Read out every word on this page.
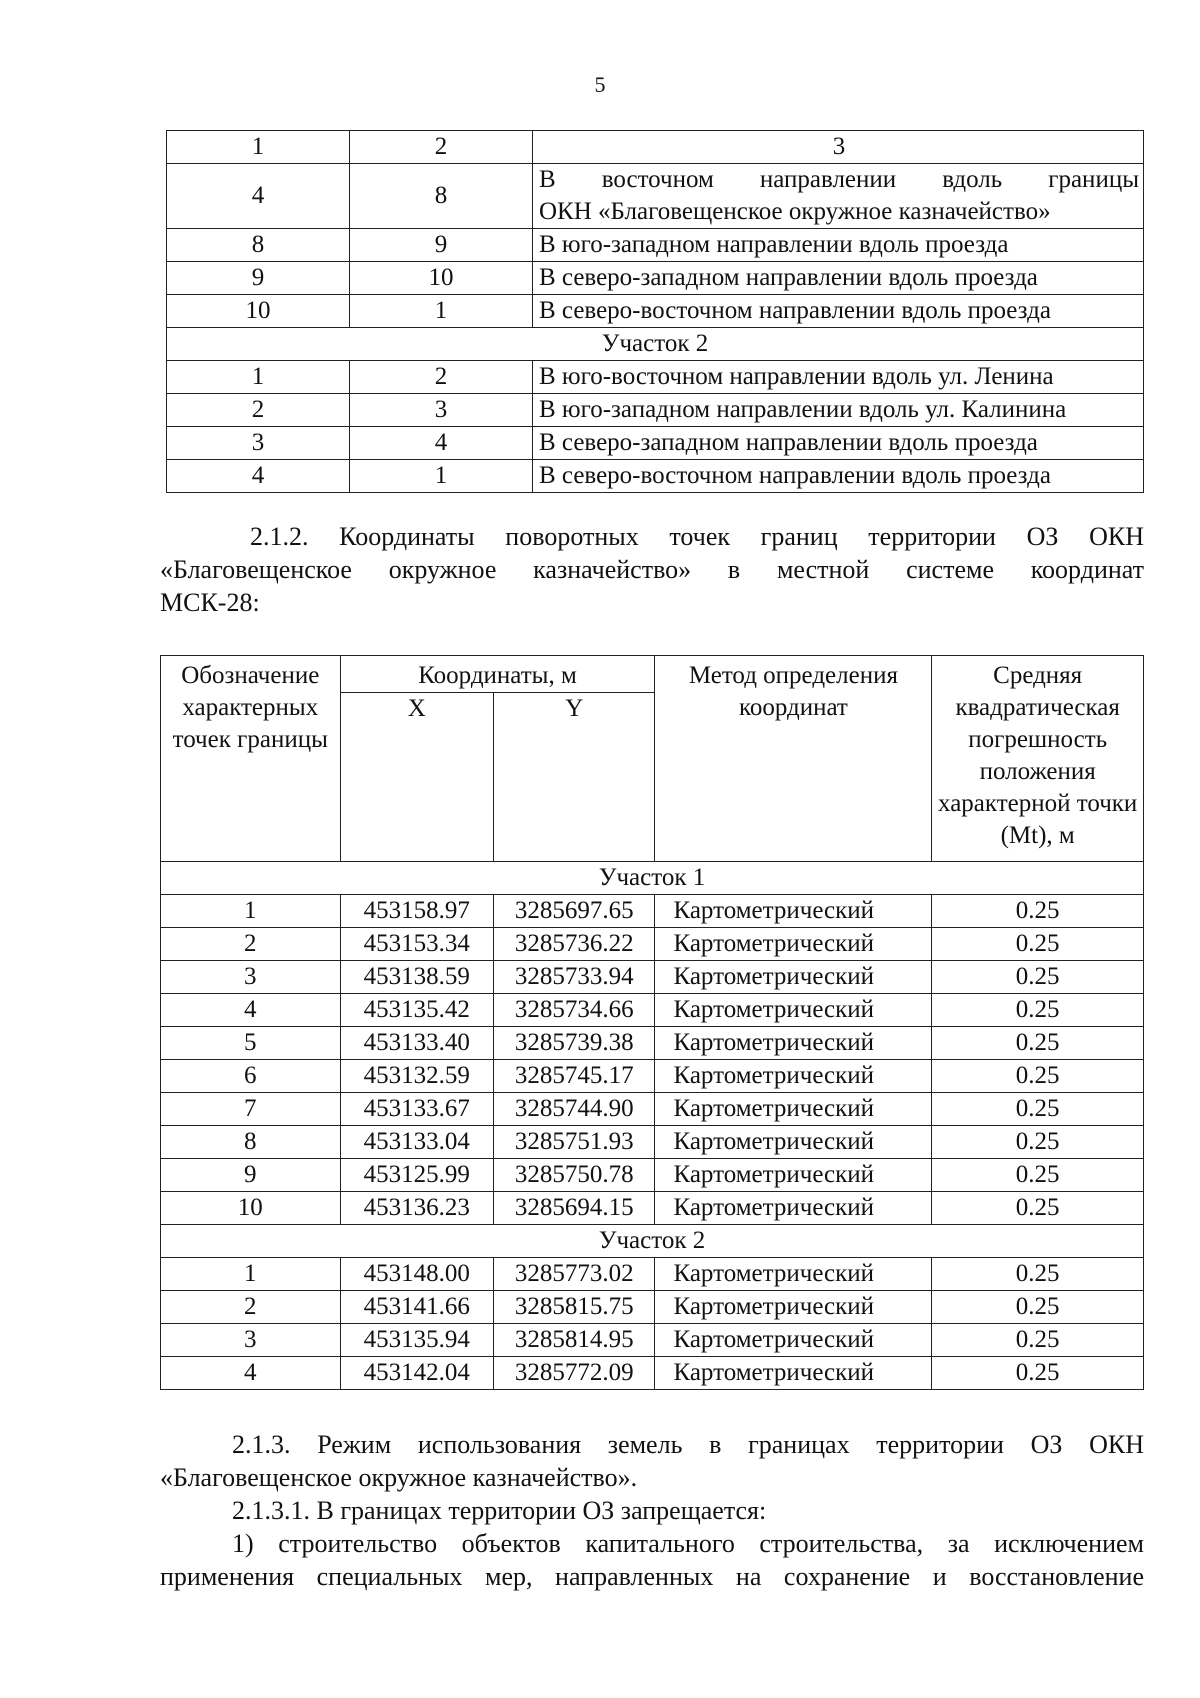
5
1	2	3
4	8	В восточном направлении вдоль границы
ОКН «Благовещенское окружное казначейство»
8	9	В юго-западном направлении вдоль проезда
9	10	В северо-западном направлении вдоль проезда
10	1	В северо-восточном направлении вдоль проезда
Участок 2		
1	2	В юго-восточном направлении вдоль ул. Ленина
2	3	В юго-западном направлении вдоль ул. Калинина
3	4	В северо-западном направлении вдоль проезда
4	1	В северо-восточном направлении вдоль проезда
2.1.2. Координаты поворотных точек границ территории ОЗ ОКН
«Благовещенское окружное казначейство» в местной системе координат
МСК-28:
Обозначение характерных точек границы	Координаты, м		Метод определения координат	Средняя квадратическая погрешность положения характерной точки (Mt), м
	X	Y		
Участок 1				
1	453158.97	3285697.65	Картометрический	0.25
2	453153.34	3285736.22	Картометрический	0.25
3	453138.59	3285733.94	Картометрический	0.25
4	453135.42	3285734.66	Картометрический	0.25
5	453133.40	3285739.38	Картометрический	0.25
6	453132.59	3285745.17	Картометрический	0.25
7	453133.67	3285744.90	Картометрический	0.25
8	453133.04	3285751.93	Картометрический	0.25
9	453125.99	3285750.78	Картометрический	0.25
10	453136.23	3285694.15	Картометрический	0.25
Участок 2				
1	453148.00	3285773.02	Картометрический	0.25
2	453141.66	3285815.75	Картометрический	0.25
3	453135.94	3285814.95	Картометрический	0.25
4	453142.04	3285772.09	Картометрический	0.25
2.1.3. Режим использования земель в границах территории ОЗ ОКН
«Благовещенское окружное казначейство».
2.1.3.1. В границах территории ОЗ запрещается:
1) строительство объектов капитального строительства, за исключением
применения специальных мер, направленных на сохранение и восстановление
